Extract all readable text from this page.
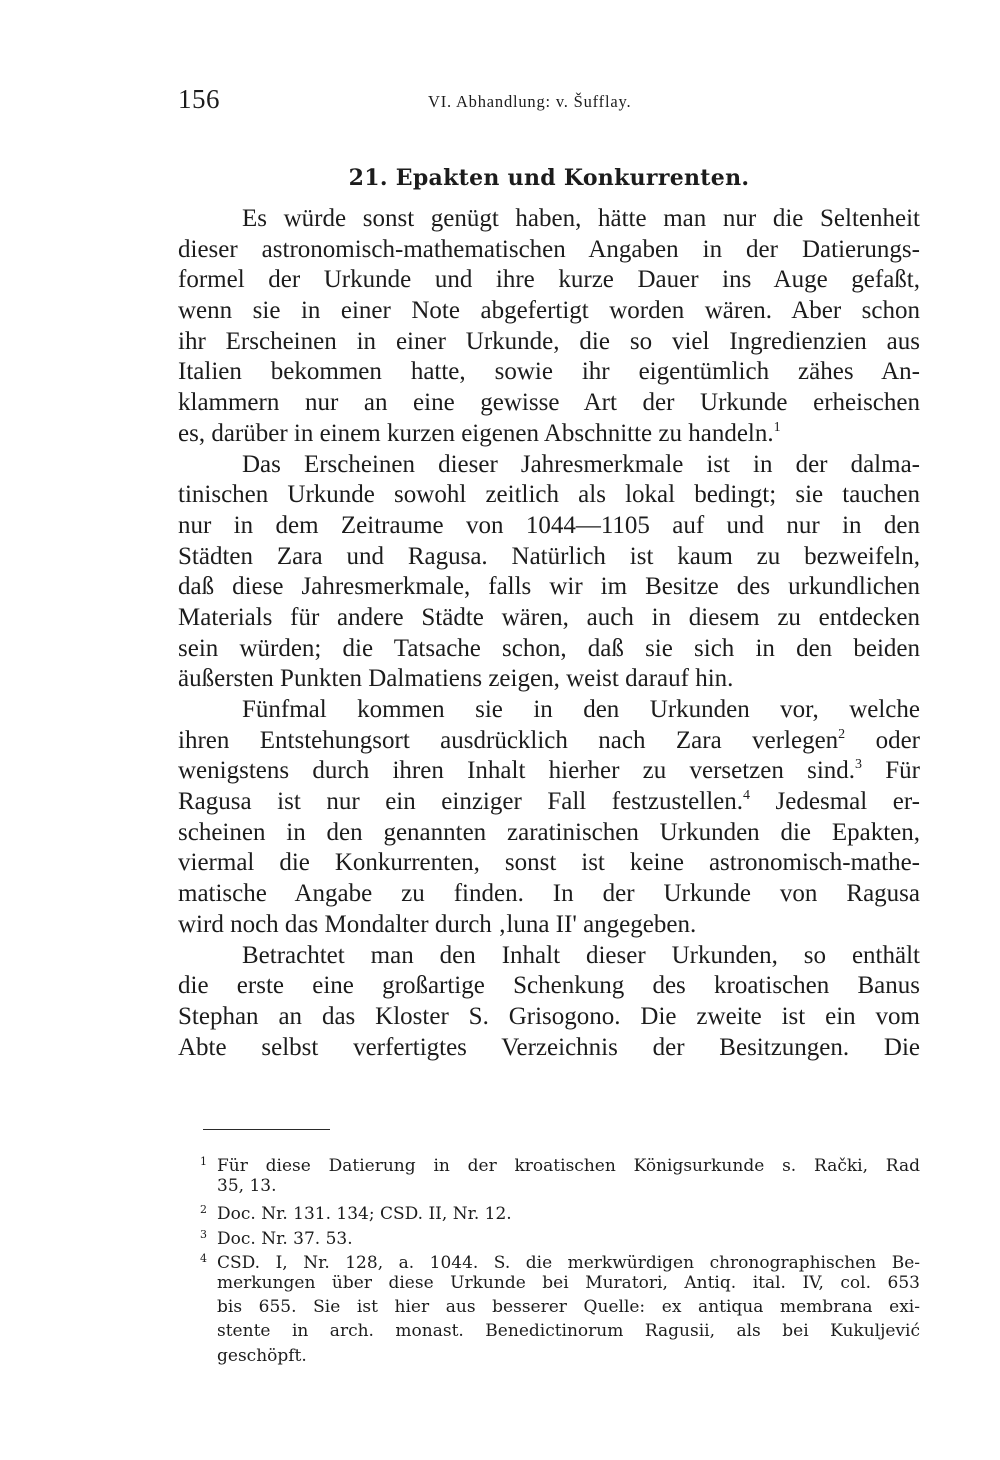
156	VI. Abhandlung: v. Šufflay.
21. Epakten und Konkurrenten.
Es würde sonst genügt haben, hätte man nur die Seltenheit
dieser astronomisch-mathematischen Angaben in der Datierungs-
formel der Urkunde und ihre kurze Dauer ins Auge gefaßt,
wenn sie in einer Note abgefertigt worden wären. Aber schon
ihr Erscheinen in einer Urkunde, die so viel Ingredienzien aus
Italien bekommen hatte, sowie ihr eigentümlich zähes An-
klammern nur an eine gewisse Art der Urkunde erheischen
es, darüber in einem kurzen eigenen Abschnitte zu handeln.$^1$
Das Erscheinen dieser Jahresmerkmale ist in der dalma-
tinischen Urkunde sowohl zeitlich als lokal bedingt; sie tauchen
nur in dem Zeitraume von 1044—1105 auf und nur in den
Städten Zara und Ragusa. Natürlich ist kaum zu bezweifeln,
daß diese Jahresmerkmale, falls wir im Besitze des urkundlichen
Materials für andere Städte wären, auch in diesem zu entdecken
sein würden; die Tatsache schon, daß sie sich in den beiden
äußersten Punkten Dalmatiens zeigen, weist darauf hin.
Fünfmal kommen sie in den Urkunden vor, welche
ihren Entstehungsort ausdrücklich nach Zara verlegen$^2$ oder
wenigstens durch ihren Inhalt hierher zu versetzen sind.$^3$ Für
Ragusa ist nur ein einziger Fall festzustellen.$^4$ Jedesmal er-
scheinen in den genannten zaratinischen Urkunden die Epakten,
viermal die Konkurrenten, sonst ist keine astronomisch-mathe-
matische Angabe zu finden. In der Urkunde von Ragusa
wird noch das Mondalter durch ‚luna II' angegeben.
Betrachtet man den Inhalt dieser Urkunden, so enthält
die erste eine großartige Schenkung des kroatischen Banus
Stephan an das Kloster S. Grisogono. Die zweite ist ein vom
Abte selbst verfertigtes Verzeichnis der Besitzungen. Die
1 Für diese Datierung in der kroatischen Königsurkunde s. Rački, Rad
35, 13.
2 Doc. Nr. 131. 134; CSD. II, Nr. 12.
3 Doc. Nr. 37. 53.
4 CSD. I, Nr. 128, a. 1044. S. die merkwürdigen chronographischen Be-
merkungen über diese Urkunde bei Muratori, Antiq. ital. IV, col. 653
bis 655. Sie ist hier aus besserer Quelle: ex antiqua membrana exi-
stente in arch. monast. Benedictinorum Ragusii, als bei Kukuljević
geschöpft.
